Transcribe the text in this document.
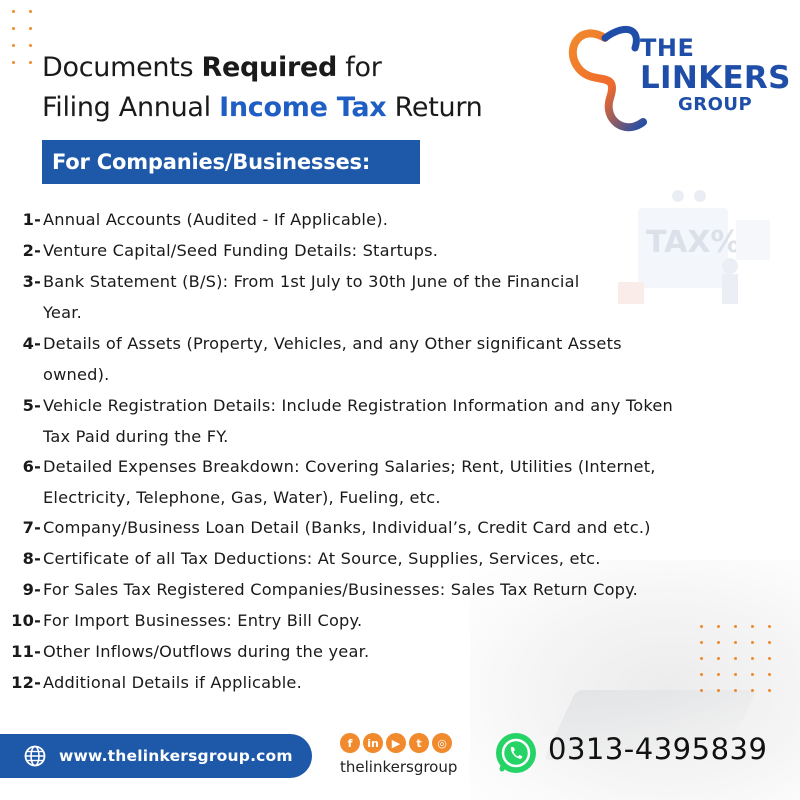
TAX%
Documents Required for
Filing Annual Income Tax Return
THE
LINKERS
GROUP
For Companies/Businesses:
1- Annual Accounts (Audited - If Applicable).
2- Venture Capital/Seed Funding Details: Startups.
3- Bank Statement (B/S): From 1st July to 30th June of the Financial Year.
4- Details of Assets (Property, Vehicles, and any Other significant Assets owned).
5- Vehicle Registration Details: Include Registration Information and any Token Tax Paid during the FY.
6- Detailed Expenses Breakdown: Covering Salaries; Rent, Utilities (Internet, Electricity, Telephone, Gas, Water), Fueling, etc.
7- Company/Business Loan Detail (Banks, Individual’s, Credit Card and etc.)
8- Certificate of all Tax Deductions: At Source, Supplies, Services, etc.
9- For Sales Tax Registered Companies/Businesses: Sales Tax Return Copy.
10- For Import Businesses: Entry Bill Copy.
11- Other Inflows/Outflows during the year.
12- Additional Details if Applicable.
www.thelinkersgroup.com
f	in	▶	t	◎
thelinkersgroup
0313-4395839
